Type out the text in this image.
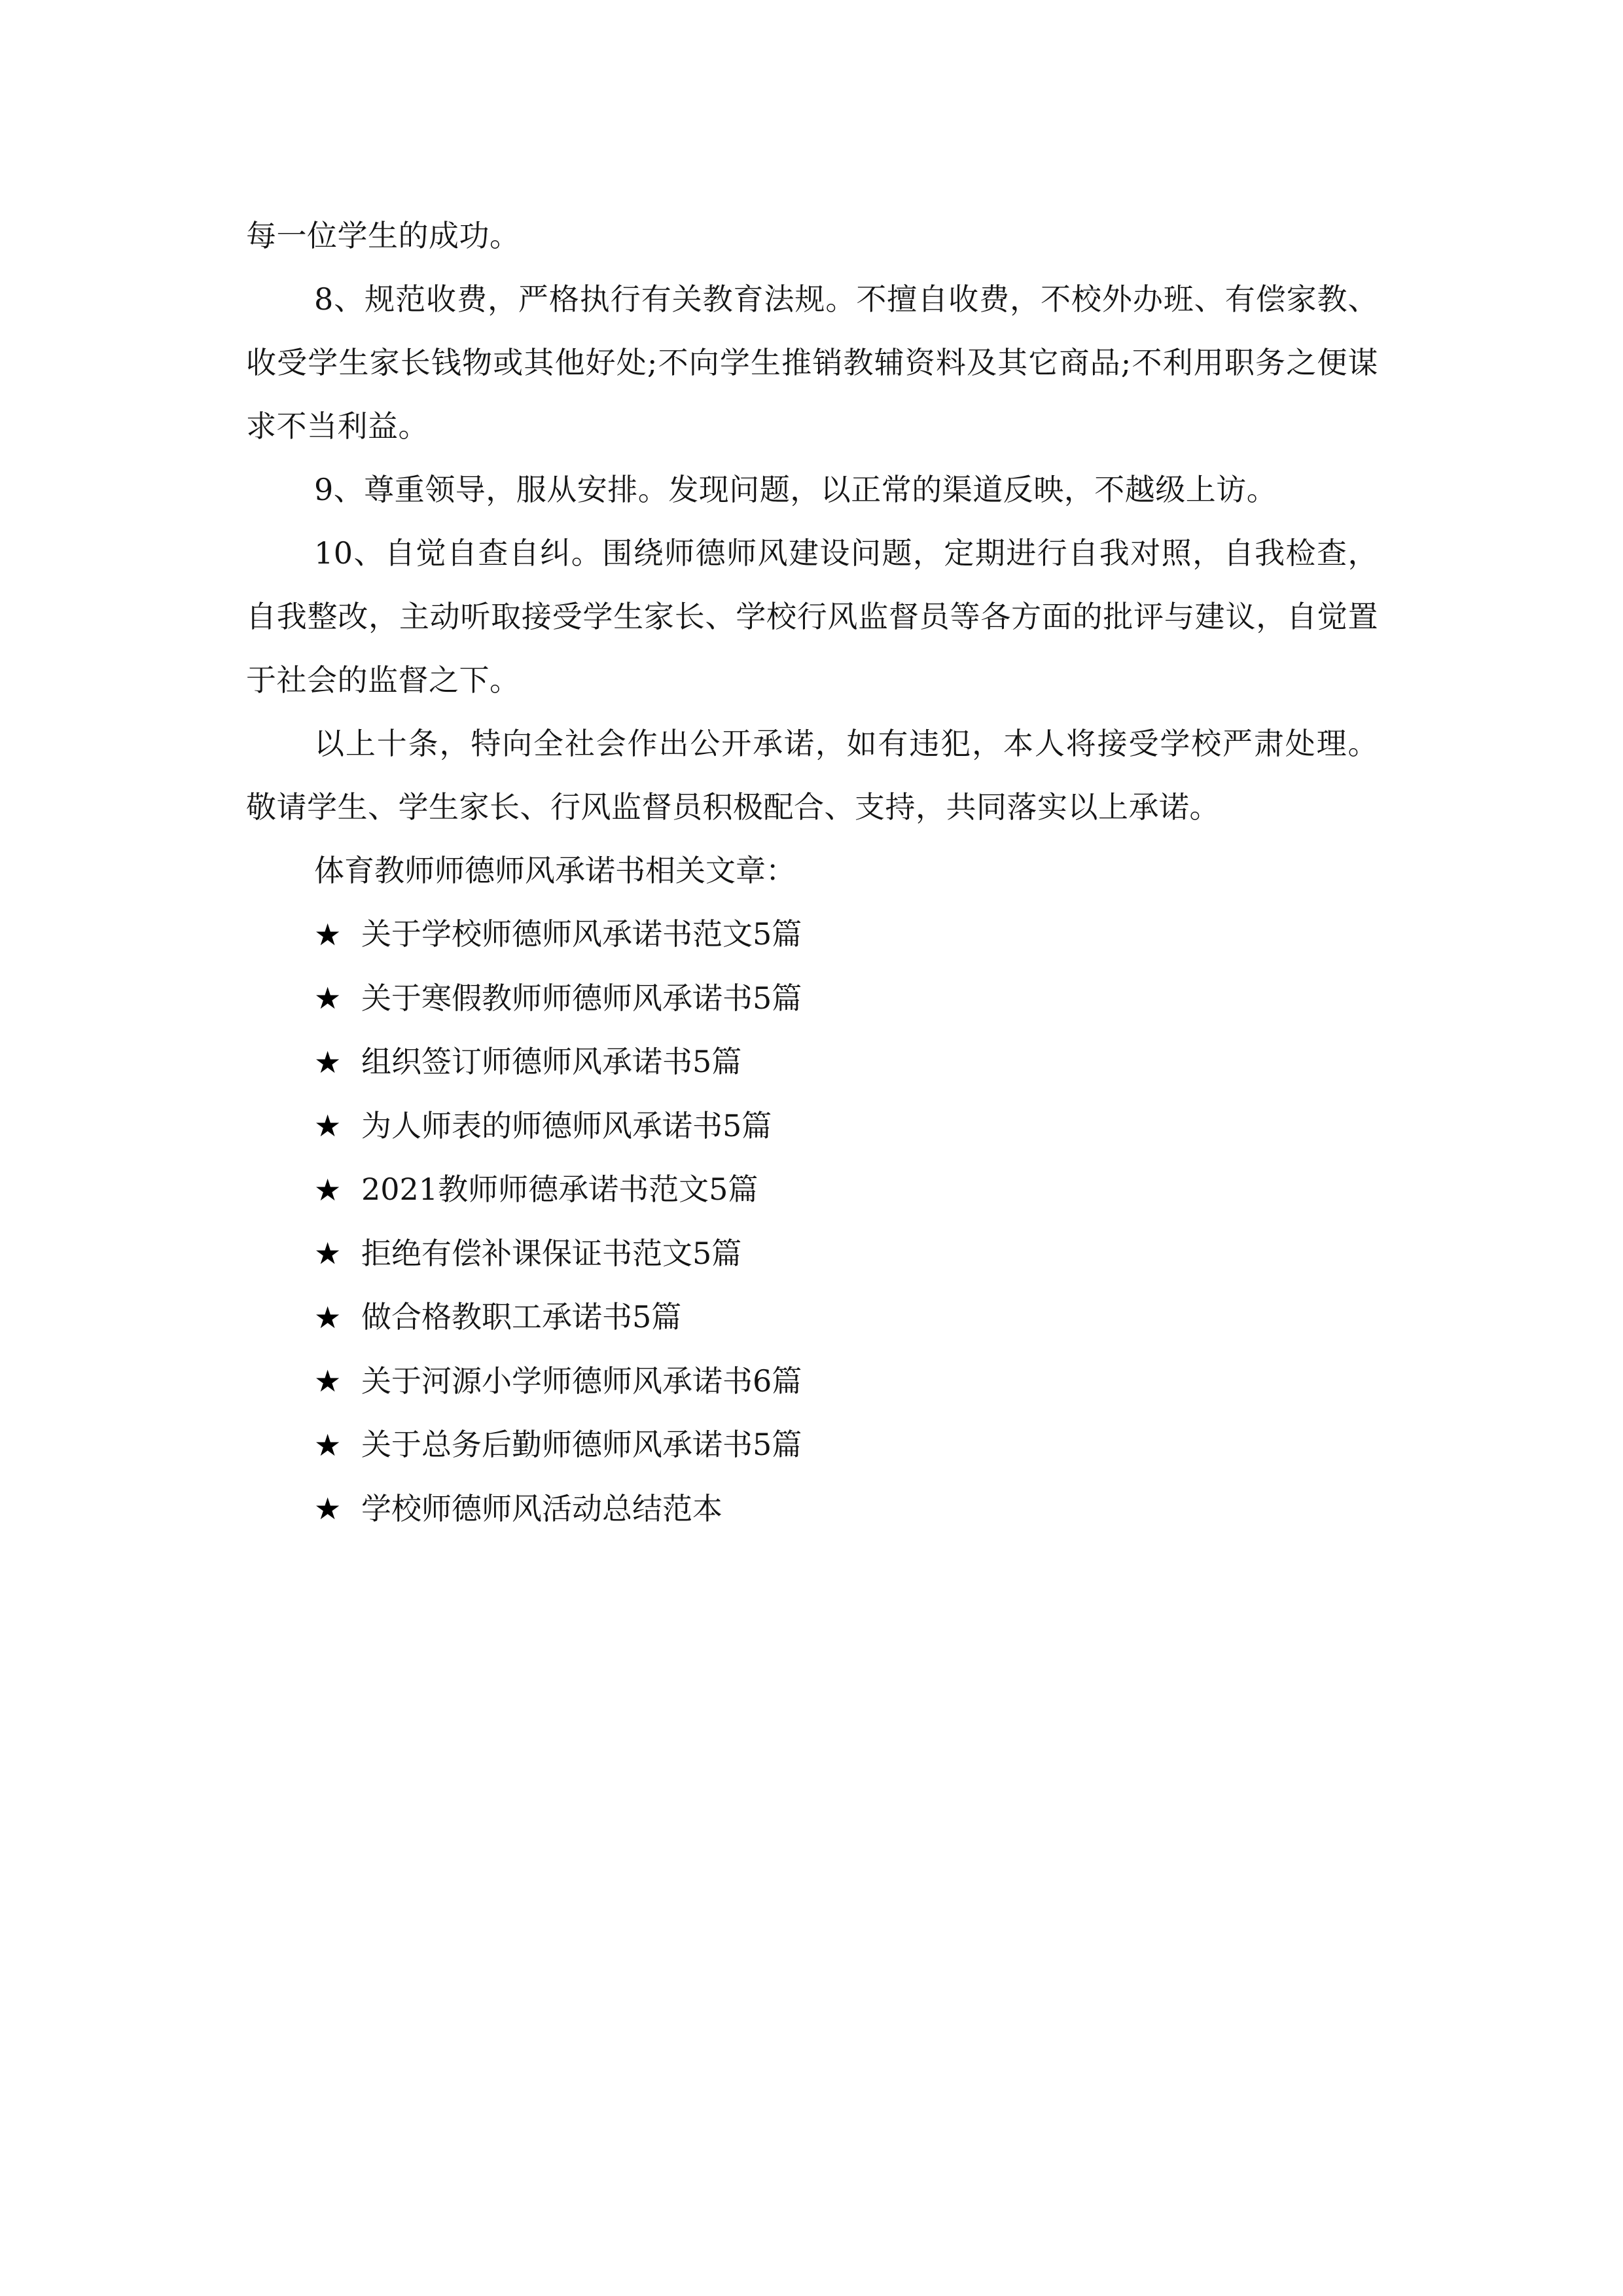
每一位学生的成功。

8、规范收费，严格执行有关教育法规。不擅自收费，不校外办班、有偿家教、收受学生家长钱物或其他好处;不向学生推销教辅资料及其它商品;不利用职务之便谋求不当利益。

9、尊重领导，服从安排。发现问题，以正常的渠道反映，不越级上访。

10、自觉自查自纠。围绕师德师风建设问题，定期进行自我对照，自我检查，自我整改，主动听取接受学生家长、学校行风监督员等各方面的批评与建议，自觉置于社会的监督之下。

以上十条，特向全社会作出公开承诺，如有违犯，本人将接受学校严肃处理。敬请学生、学生家长、行风监督员积极配合、支持，共同落实以上承诺。

体育教师师德师风承诺书相关文章：

★ 关于学校师德师风承诺书范文5篇
★ 关于寒假教师师德师风承诺书5篇
★ 组织签订师德师风承诺书5篇
★ 为人师表的师德师风承诺书5篇
★ 2021教师师德承诺书范文5篇
★ 拒绝有偿补课保证书范文5篇
★ 做合格教职工承诺书5篇
★ 关于河源小学师德师风承诺书6篇
★ 关于总务后勤师德师风承诺书5篇
★ 学校师德师风活动总结范本
